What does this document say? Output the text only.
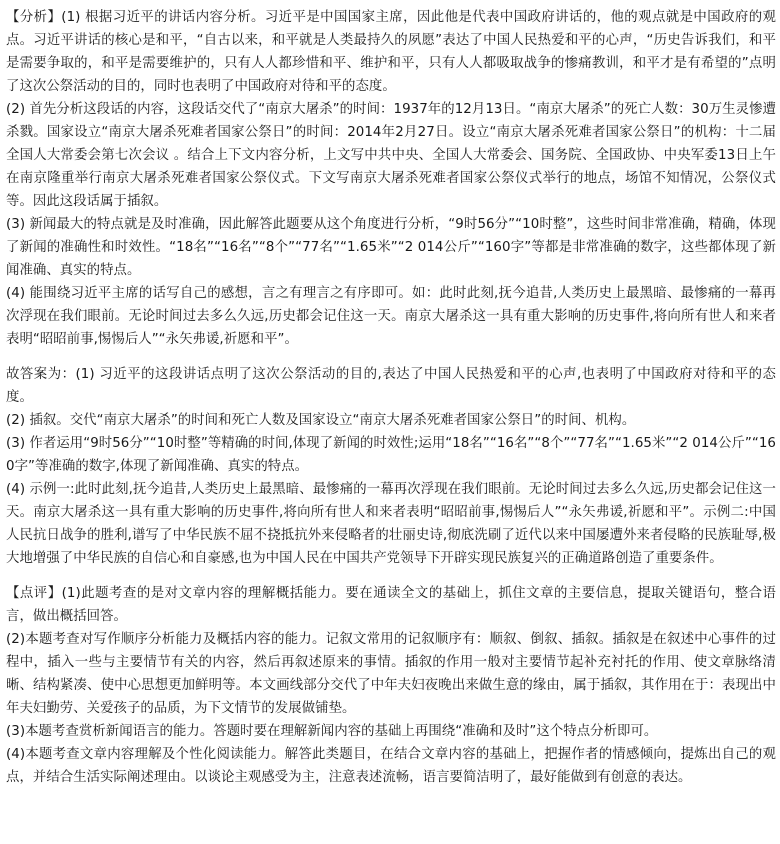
【分析】(1) 根据习近平的讲话内容分析。习近平是中国国家主席，因此他是代表中国政府讲话的，他的观点就是中国政府的观点。习近平讲话的核心是和平，“自古以来，和平就是人类最持久的夙愿”表达了中国人民热爱和平的心声，“历史告诉我们，和平是需要争取的，和平是需要维护的，只有人人都珍惜和平、维护和平，只有人人都吸取战争的惨痛教训，和平才是有希望的”点明了这次公祭活动的目的，同时也表明了中国政府对待和平的态度。

(2) 首先分析这段话的内容，这段话交代了“南京大屠杀”的时间：1937年的12月13日。“南京大屠杀”的死亡人数：30万生灵惨遭杀戮。国家设立“南京大屠杀死难者国家公祭日”的时间：2014年2月27日。设立“南京大屠杀死难者国家公祭日”的机构：十二届全国人大常委会第七次会议 。结合上下文内容分析，上文写中共中央、全国人大常委会、国务院、全国政协、中央军委13日上午在南京隆重举行南京大屠杀死难者国家公祭仪式。下文写南京大屠杀死难者国家公祭仪式举行的地点，场馆不知情况，公祭仪式等。因此这段话属于插叙。

(3) 新闻最大的特点就是及时准确，因此解答此题要从这个角度进行分析，“9时56分”“10时整”，这些时间非常准确，精确，体现了新闻的准确性和时效性。“18名”“16名”“8个”“77名”“1.65米”“2 014公斤”“160字”等都是非常准确的数字，这些都体现了新闻准确、真实的特点。

(4) 能围绕习近平主席的话写自己的感想，言之有理言之有序即可。如：此时此刻,抚今追昔,人类历史上最黑暗、最惨痛的一幕再次浮现在我们眼前。无论时间过去多么久远,历史都会记住这一天。南京大屠杀这一具有重大影响的历史事件,将向所有世人和来者表明“昭昭前事,惕惕后人”“永矢弗谖,祈愿和平”。

故答案为：(1) 习近平的这段讲话点明了这次公祭活动的目的,表达了中国人民热爱和平的心声,也表明了中国政府对待和平的态度。

(2) 插叙。交代“南京大屠杀”的时间和死亡人数及国家设立“南京大屠杀死难者国家公祭日”的时间、机构。

(3) 作者运用“9时56分”“10时整”等精确的时间,体现了新闻的时效性;运用“18名”“16名”“8个”“77名”“1.65米”“2 014公斤”“160字”等准确的数字,体现了新闻准确、真实的特点。

(4) 示例一:此时此刻,抚今追昔,人类历史上最黑暗、最惨痛的一幕再次浮现在我们眼前。无论时间过去多么久远,历史都会记住这一天。南京大屠杀这一具有重大影响的历史事件,将向所有世人和来者表明“昭昭前事,惕惕后人”“永矢弗谖,祈愿和平”。示例二:中国人民抗日战争的胜利,谱写了中华民族不屈不挠抵抗外来侵略者的壮丽史诗,彻底洗刷了近代以来中国屡遭外来者侵略的民族耻辱,极大地增强了中华民族的自信心和自豪感,也为中国人民在中国共产党领导下开辟实现民族复兴的正确道路创造了重要条件。

【点评】(1)此题考查的是对文章内容的理解概括能力。要在通读全文的基础上，抓住文章的主要信息，提取关键语句，整合语言，做出概括回答。

(2)本题考查对写作顺序分析能力及概括内容的能力。记叙文常用的记叙顺序有：顺叙、倒叙、插叙。插叙是在叙述中心事件的过程中，插入一些与主要情节有关的内容，然后再叙述原来的事情。插叙的作用一般对主要情节起补充衬托的作用、使文章脉络清晰、结构紧凑、使中心思想更加鲜明等。本文画线部分交代了中年夫妇夜晚出来做生意的缘由，属于插叙，其作用在于：表现出中年夫妇勤劳、关爱孩子的品质，为下文情节的发展做铺垫。

(3)本题考查赏析新闻语言的能力。答题时要在理解新闻内容的基础上再围绕“准确和及时”这个特点分析即可。

(4)本题考查文章内容理解及个性化阅读能力。解答此类题目，在结合文章内容的基础上，把握作者的情感倾向，提炼出自己的观点，并结合生活实际阐述理由。以谈论主观感受为主，注意表述流畅，语言要简洁明了，最好能做到有创意的表达。
